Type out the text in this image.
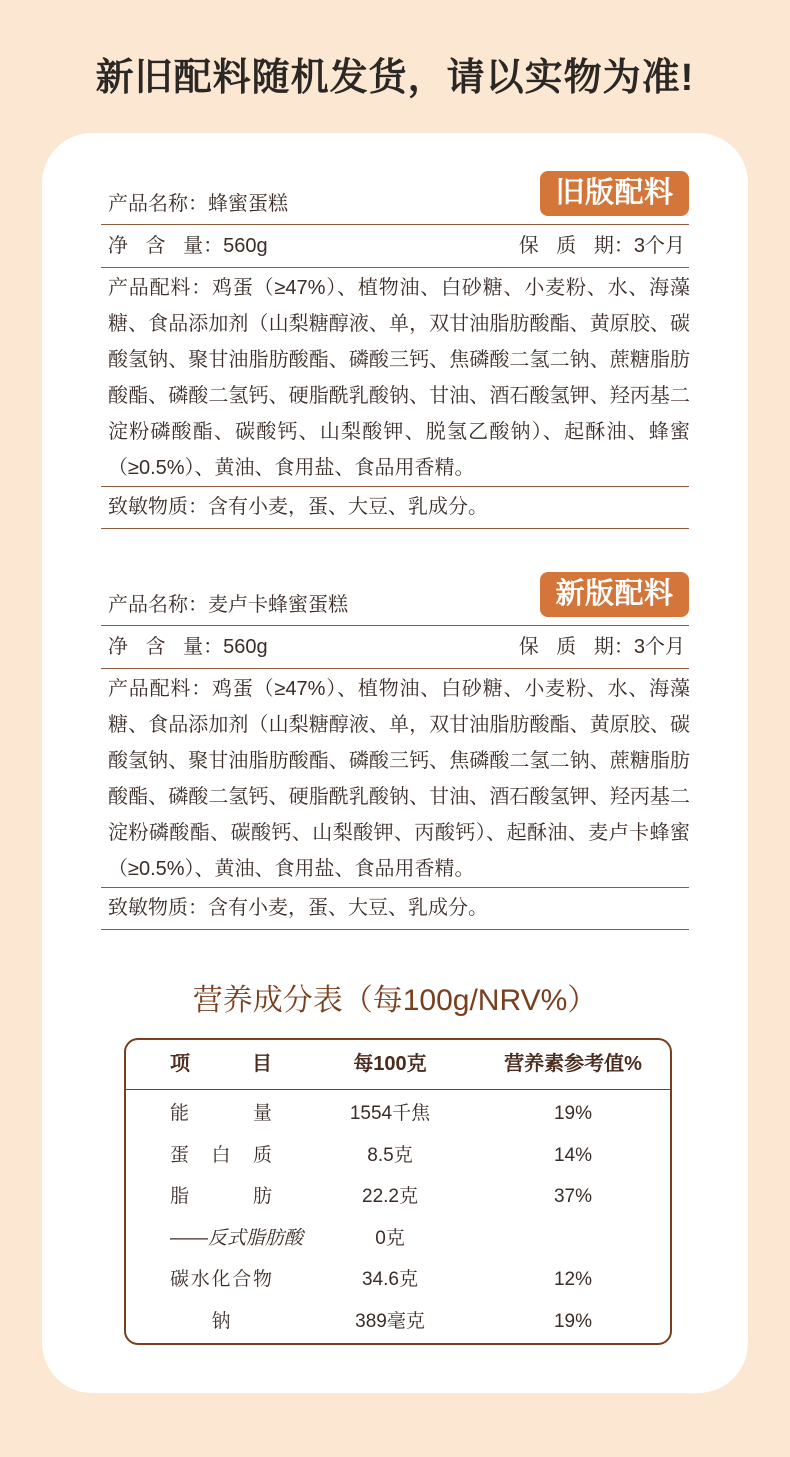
新旧配料随机发货，请以实物为准!
产品名称：蜂蜜蛋糕	旧版配料
净 含 量：560g	保 质 期：3个月

产品配料：鸡蛋（≥47%）、植物油、白砂糖、小麦粉、水、海藻糖、食品添加剂（山梨糖醇液、单，双甘油脂肪酸酯、黄原胶、碳酸氢钠、聚甘油脂肪酸酯、磷酸三钙、焦磷酸二氢二钠、蔗糖脂肪酸酯、磷酸二氢钙、硬脂酰乳酸钠、甘油、酒石酸氢钾、羟丙基二淀粉磷酸酯、碳酸钙、山梨酸钾、脱氢乙酸钠）、起酥油、蜂蜜（≥0.5%）、黄油、食用盐、食品用香精。

致敏物质：含有小麦，蛋、大豆、乳成分。
产品名称：麦卢卡蜂蜜蛋糕	新版配料
净 含 量：560g	保 质 期：3个月

产品配料：鸡蛋（≥47%）、植物油、白砂糖、小麦粉、水、海藻糖、食品添加剂（山梨糖醇液、单，双甘油脂肪酸酯、黄原胶、碳酸氢钠、聚甘油脂肪酸酯、磷酸三钙、焦磷酸二氢二钠、蔗糖脂肪酸酯、磷酸二氢钙、硬脂酰乳酸钠、甘油、酒石酸氢钾、羟丙基二淀粉磷酸酯、碳酸钙、山梨酸钾、丙酸钙）、起酥油、麦卢卡蜂蜜（≥0.5%）、黄油、食用盐、食品用香精。

致敏物质：含有小麦，蛋、大豆、乳成分。
营养成分表（每100g/NRV%）
项　　目	每100克	营养素参考值%
能　　量	1554千焦	19%
蛋　白　质	8.5克	14%
脂　　肪	22.2克	37%
——反式脂肪酸	0克
碳水化合物	34.6克	12%
钠	389毫克	19%
